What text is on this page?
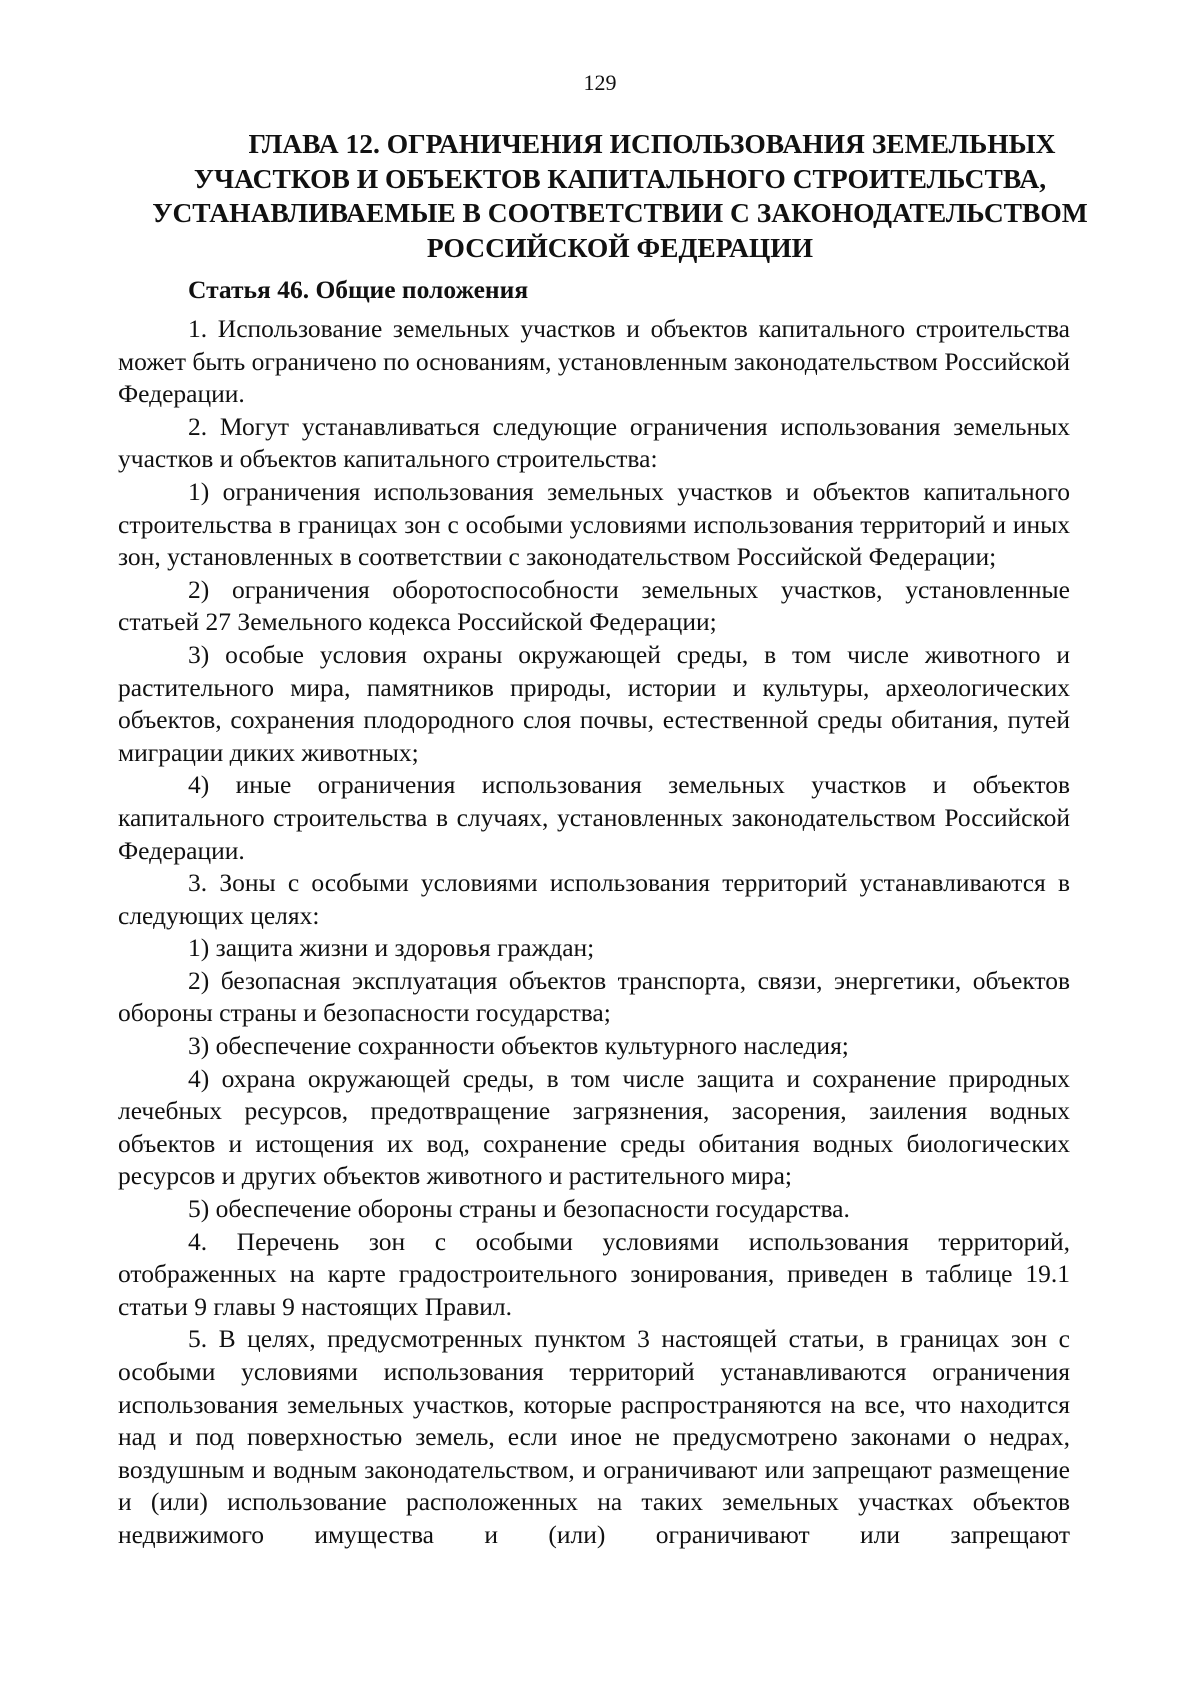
129
ГЛАВА 12. ОГРАНИЧЕНИЯ ИСПОЛЬЗОВАНИЯ ЗЕМЕЛЬНЫХ
УЧАСТКОВ И ОБЪЕКТОВ КАПИТАЛЬНОГО СТРОИТЕЛЬСТВА,
УСТАНАВЛИВАЕМЫЕ В СООТВЕТСТВИИ С ЗАКОНОДАТЕЛЬСТВОМ
РОССИЙСКОЙ ФЕДЕРАЦИИ
Статья 46. Общие положения

1. Использование земельных участков и объектов капитального строительства может быть ограничено по основаниям, установленным законодательством Российской Федерации.

2. Могут устанавливаться следующие ограничения использования земельных участков и объектов капитального строительства:

1) ограничения использования земельных участков и объектов капитального строительства в границах зон с особыми условиями использования территорий и иных зон, установленных в соответствии с законодательством Российской Федерации;

2) ограничения оборотоспособности земельных участков, установленные статьей 27 Земельного кодекса Российской Федерации;

3) особые условия охраны окружающей среды, в том числе животного и растительного мира, памятников природы, истории и культуры, археологических объектов, сохранения плодородного слоя почвы, естественной среды обитания, путей миграции диких животных;

4) иные ограничения использования земельных участков и объектов капитального строительства в случаях, установленных законодательством Российской Федерации.

3. Зоны с особыми условиями использования территорий устанавливаются в следующих целях:

1) защита жизни и здоровья граждан;

2) безопасная эксплуатация объектов транспорта, связи, энергетики, объектов обороны страны и безопасности государства;

3) обеспечение сохранности объектов культурного наследия;

4) охрана окружающей среды, в том числе защита и сохранение природных лечебных ресурсов, предотвращение загрязнения, засорения, заиления водных объектов и истощения их вод, сохранение среды обитания водных биологических ресурсов и других объектов животного и растительного мира;

5) обеспечение обороны страны и безопасности государства.

4. Перечень зон с особыми условиями использования территорий, отображенных на карте градостроительного зонирования, приведен в таблице 19.1 статьи 9 главы 9 настоящих Правил.

5. В целях, предусмотренных пунктом 3 настоящей статьи, в границах зон с особыми условиями использования территорий устанавливаются ограничения использования земельных участков, которые распространяются на все, что находится над и под поверхностью земель, если иное не предусмотрено законами о недрах, воздушным и водным законодательством, и ограничивают или запрещают размещение и (или) использование расположенных на таких земельных участках объектов недвижимого имущества и (или) ограничивают или запрещают
